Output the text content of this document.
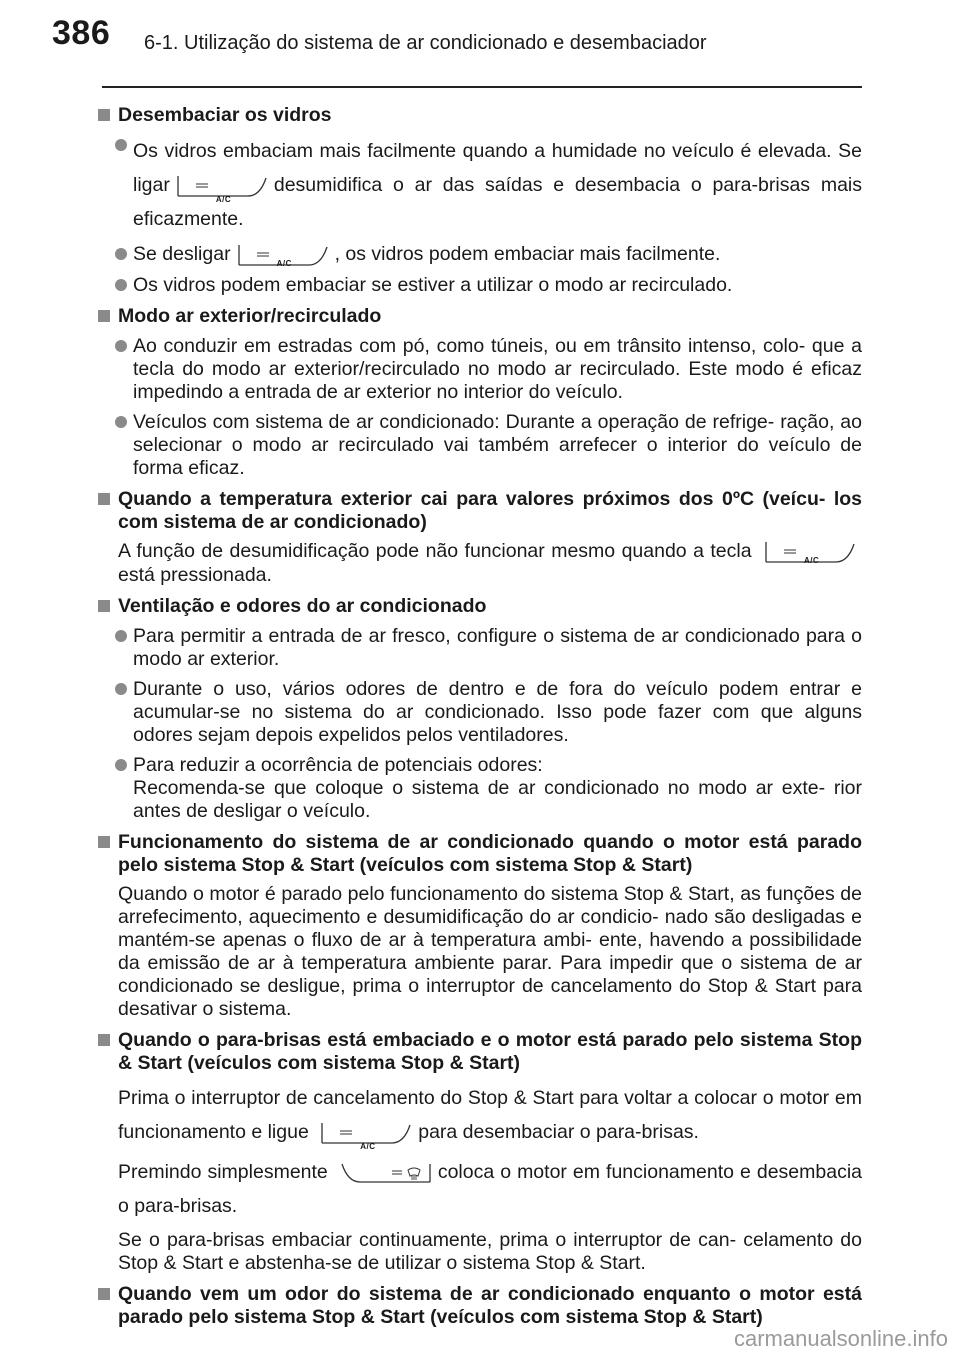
386 6-1. Utilização do sistema de ar condicionado e desembaciador
Desembaciar os vidros
Os vidros embaciam mais facilmente quando a humidade no veículo é elevada. Se ligar
A/C
desumidifica o ar das saídas e desembacia o para-brisas mais eficazmente.
Se desligar	A/C , os vidros podem embaciar mais facilmente.
Os vidros podem embaciar se estiver a utilizar o modo ar recirculado.
Modo ar exterior/recirculado
Ao conduzir em estradas com pó, como túneis, ou em trânsito intenso, colo- que a tecla do modo ar exterior/recirculado no modo ar recirculado. Este modo é eficaz impedindo a entrada de ar exterior no interior do veículo.
Veículos com sistema de ar condicionado: Durante a operação de refrige- ração, ao selecionar o modo ar recirculado vai também arrefecer o interior do veículo de forma eficaz.
Quando a temperatura exterior cai para valores próximos dos 0ºC (veícu- los com sistema de ar condicionado)
A função de desumidificação pode não funcionar mesmo quando a tecla	A/C
está pressionada.
Ventilação e odores do ar condicionado
Para permitir a entrada de ar fresco, configure o sistema de ar condicionado para o modo ar exterior.
Durante o uso, vários odores de dentro e de fora do veículo podem entrar e acumular-se no sistema do ar condicionado. Isso pode fazer com que alguns odores sejam depois expelidos pelos ventiladores.
Para reduzir a ocorrência de potenciais odores:
Recomenda-se que coloque o sistema de ar condicionado no modo ar exte- rior antes de desligar o veículo.
Funcionamento do sistema de ar condicionado quando o motor está parado pelo sistema Stop & Start (veículos com sistema Stop & Start)
Quando o motor é parado pelo funcionamento do sistema Stop & Start, as funções de arrefecimento, aquecimento e desumidificação do ar condicio- nado são desligadas e mantém-se apenas o fluxo de ar à temperatura ambi- ente, havendo a possibilidade da emissão de ar à temperatura ambiente parar. Para impedir que o sistema de ar condicionado se desligue, prima o interruptor de cancelamento do Stop & Start para desativar o sistema.
Quando o para-brisas está embaciado e o motor está parado pelo sistema Stop & Start (veículos com sistema Stop & Start)
Prima o interruptor de cancelamento do Stop & Start para voltar a colocar o motor em funcionamento e ligue
A/C
para desembaciar o para-brisas.
Premindo simplesmente	coloca o motor em funcionamento e desembacia o para-brisas.
Se o para-brisas embaciar continuamente, prima o interruptor de can- celamento do Stop & Start e abstenha-se de utilizar o sistema Stop & Start.
Quando vem um odor do sistema de ar condicionado enquanto o motor está parado pelo sistema Stop & Start (veículos com sistema Stop & Start)
carmanualsonline.info
